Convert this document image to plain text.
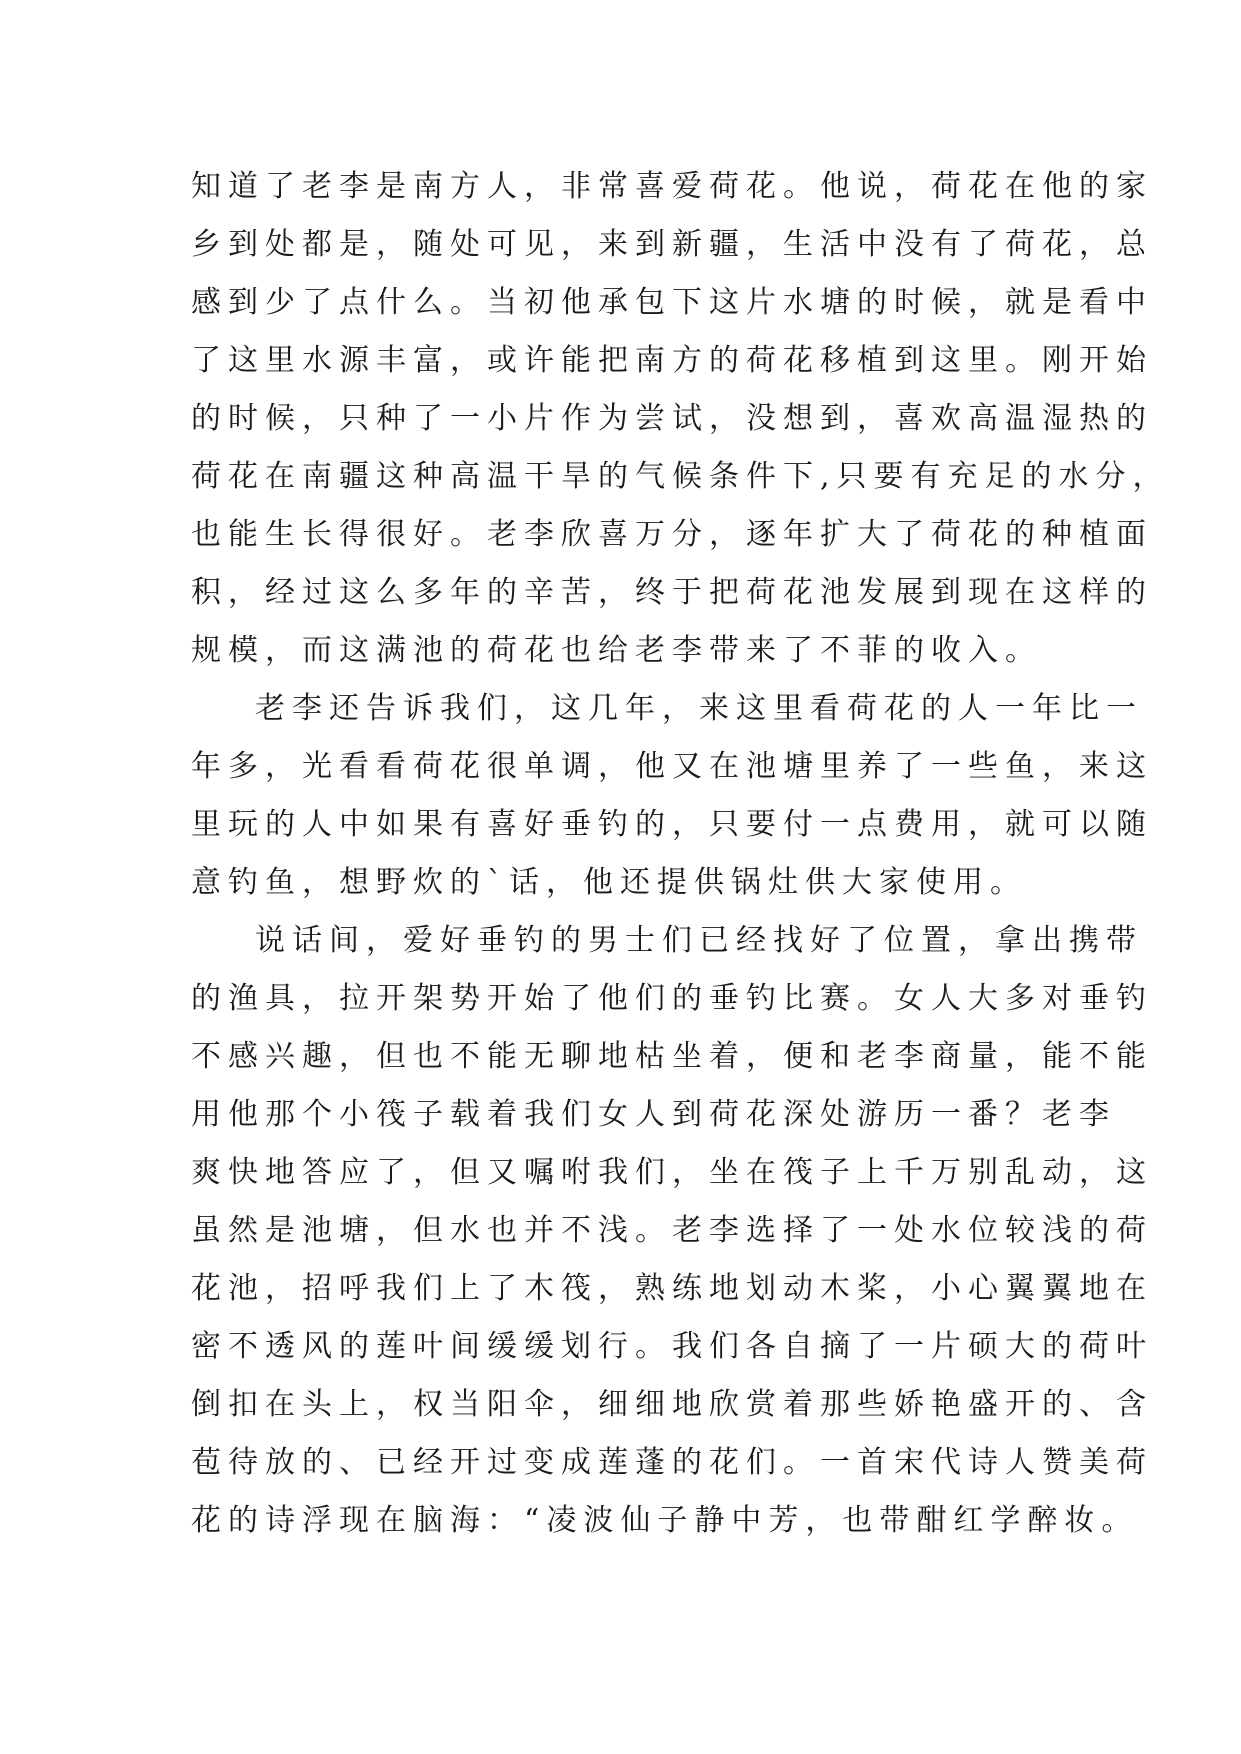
知道了老李是南方人，非常喜爱荷花。他说，荷花在他的家
乡到处都是，随处可见，来到新疆，生活中没有了荷花，总
感到少了点什么。当初他承包下这片水塘的时候，就是看中
了这里水源丰富，或许能把南方的荷花移植到这里。刚开始
的时候，只种了一小片作为尝试，没想到，喜欢高温湿热的
荷花在南疆这种高温干旱的气候条件下,只要有充足的水分，
也能生长得很好。老李欣喜万分，逐年扩大了荷花的种植面
积，经过这么多年的辛苦，终于把荷花池发展到现在这样的
规模，而这满池的荷花也给老李带来了不菲的收入。
老李还告诉我们，这几年，来这里看荷花的人一年比一
年多，光看看荷花很单调，他又在池塘里养了一些鱼，来这
里玩的人中如果有喜好垂钓的，只要付一点费用，就可以随
意钓鱼，想野炊的`话，他还提供锅灶供大家使用。
说话间，爱好垂钓的男士们已经找好了位置，拿出携带
的渔具，拉开架势开始了他们的垂钓比赛。女人大多对垂钓
不感兴趣，但也不能无聊地枯坐着，便和老李商量，能不能
用他那个小筏子载着我们女人到荷花深处游历一番？老李
爽快地答应了，但又嘱咐我们，坐在筏子上千万别乱动，这
虽然是池塘，但水也并不浅。老李选择了一处水位较浅的荷
花池，招呼我们上了木筏，熟练地划动木桨，小心翼翼地在
密不透风的莲叶间缓缓划行。我们各自摘了一片硕大的荷叶
倒扣在头上，权当阳伞，细细地欣赏着那些娇艳盛开的、含
苞待放的、已经开过变成莲蓬的花们。一首宋代诗人赞美荷
花的诗浮现在脑海：“凌波仙子静中芳，也带酣红学醉妆。
